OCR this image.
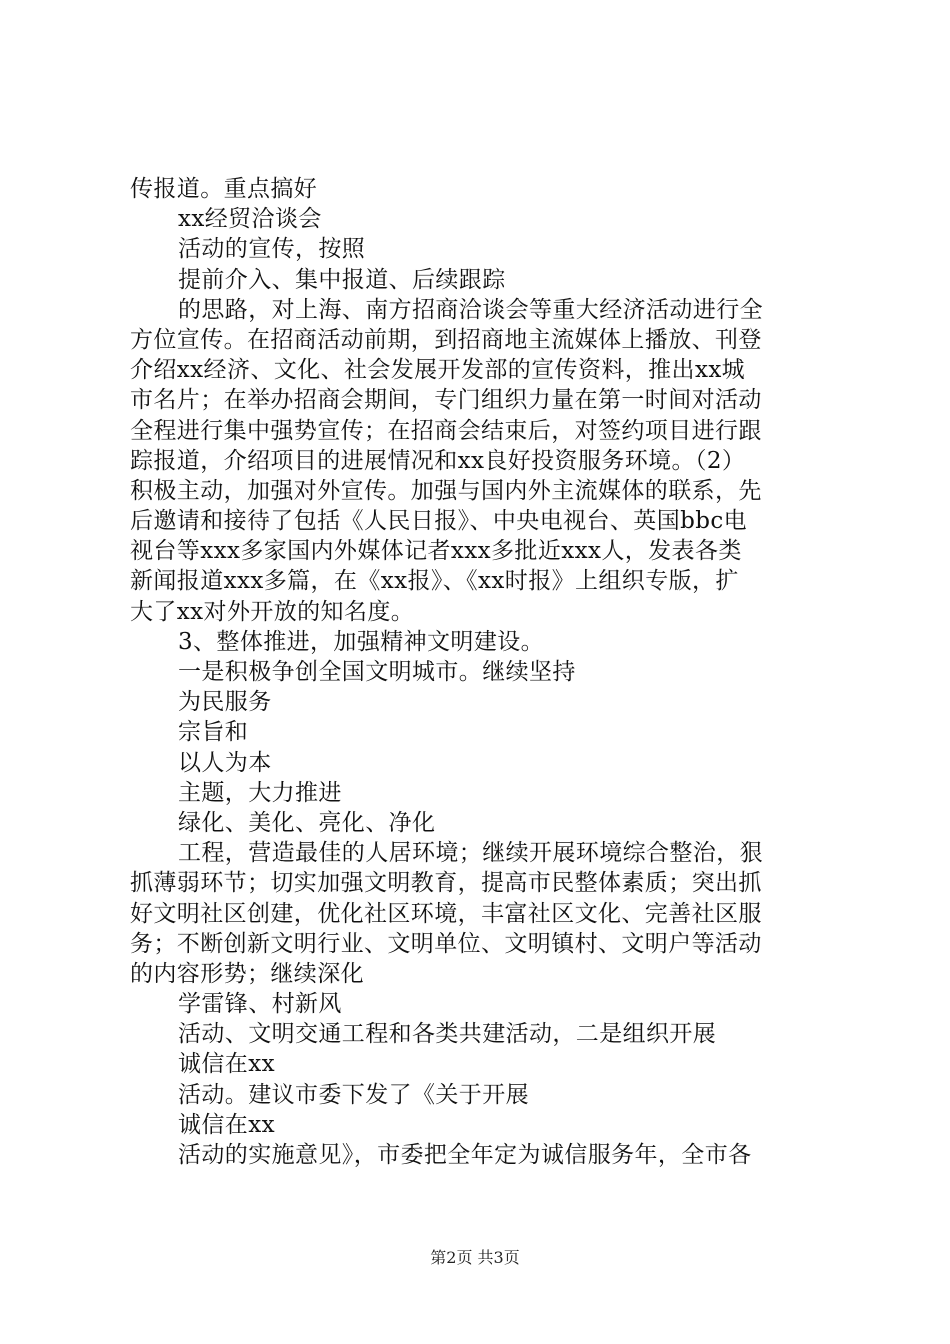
传报道。重点搞好
xx经贸洽谈会
活动的宣传，按照
提前介入、集中报道、后续跟踪
的思路，对上海、南方招商洽谈会等重大经济活动进行全
方位宣传。在招商活动前期，到招商地主流媒体上播放、刊登
介绍xx经济、文化、社会发展开发部的宣传资料，推出xx城
市名片；在举办招商会期间，专门组织力量在第一时间对活动
全程进行集中强势宣传；在招商会结束后，对签约项目进行跟
踪报道，介绍项目的进展情况和xx良好投资服务环境。（2）
积极主动，加强对外宣传。加强与国内外主流媒体的联系，先
后邀请和接待了包括《人民日报》、中央电视台、英国bbc电
视台等xxx多家国内外媒体记者xxx多批近xxx人，发表各类
新闻报道xxx多篇，在《xx报》、《xx时报》上组织专版，扩
大了xx对外开放的知名度。
3、整体推进，加强精神文明建设。
一是积极争创全国文明城市。继续坚持
为民服务
宗旨和
以人为本
主题，大力推进
绿化、美化、亮化、净化
工程，营造最佳的人居环境；继续开展环境综合整治，狠
抓薄弱环节；切实加强文明教育，提高市民整体素质；突出抓
好文明社区创建，优化社区环境，丰富社区文化、完善社区服
务；不断创新文明行业、文明单位、文明镇村、文明户等活动
的内容形势；继续深化
学雷锋、村新风
活动、文明交通工程和各类共建活动，二是组织开展
诚信在xx
活动。建议市委下发了《关于开展
诚信在xx
活动的实施意见》，市委把全年定为诚信服务年，全市各
第2页 共3页
